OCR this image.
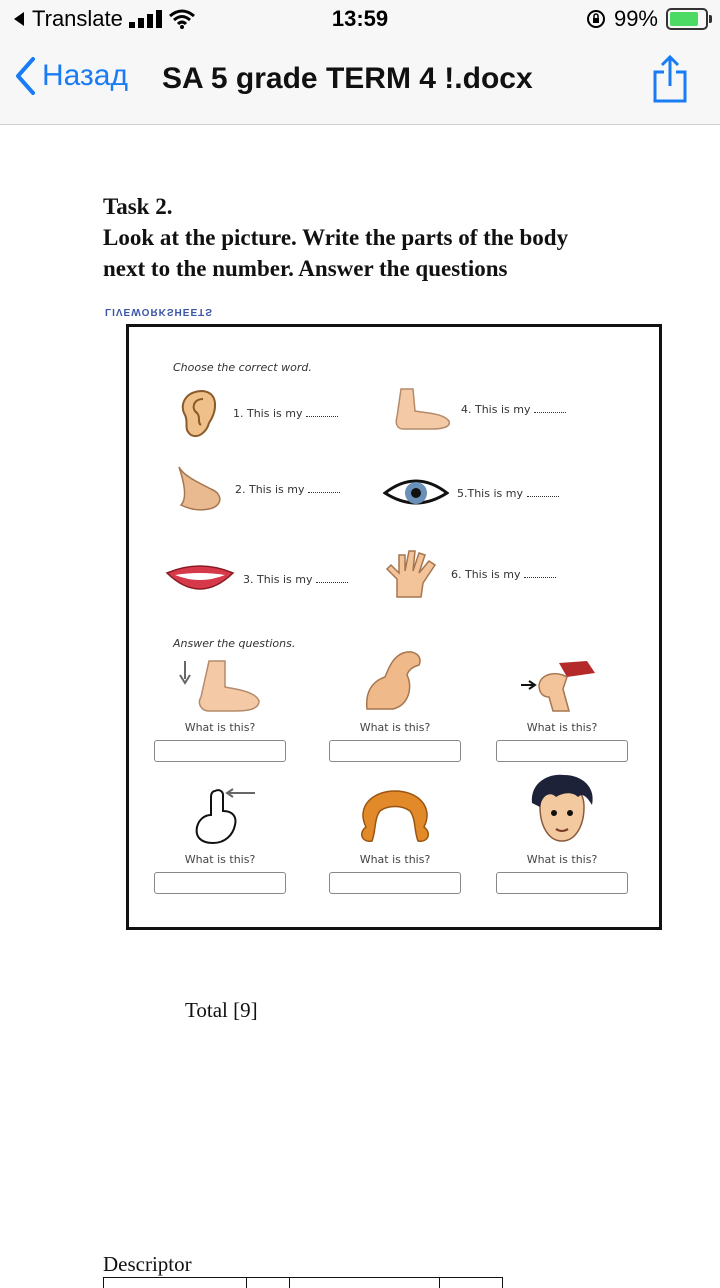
Translate	13:59	99%
Назад SA 5 grade TERM 4 !.docx
Task 2.
Look at the picture. Write the parts of the body
next to the number. Answer the questions
LIVEWORKSHEETS
Choose the correct word.
1. This is my	4. This is my
2. This is my	5.This is my
3. This is my	6. This is my
Answer the questions.
What is this?	What is this?	What is this?
What is this?	What is this?	What is this?
Total [9]
Descriptor
